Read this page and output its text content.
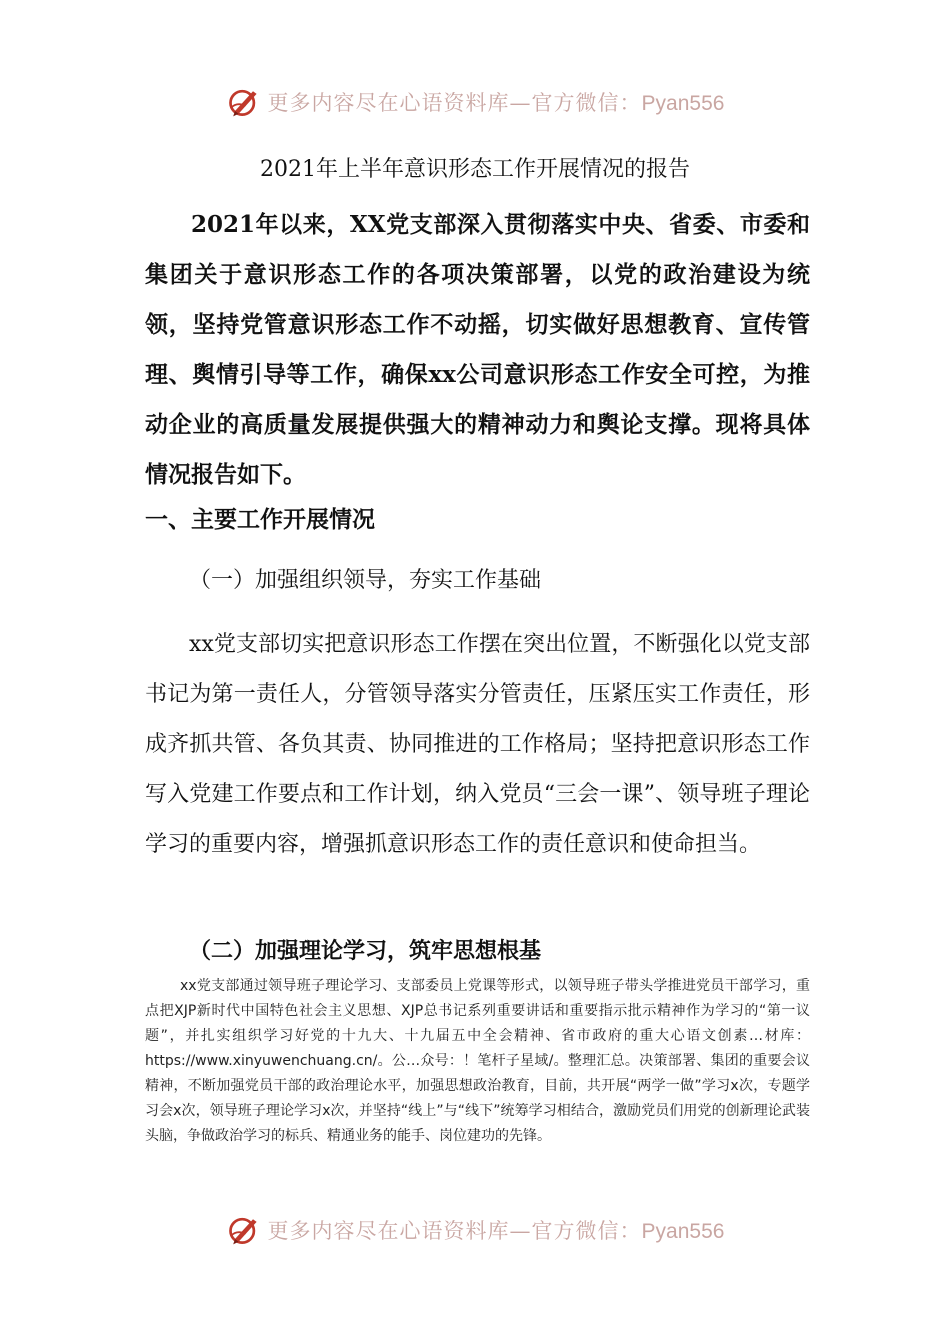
更多内容尽在心语资料库—官方微信：Pyan556
2021年上半年意识形态工作开展情况的报告

2021年以来，XX党支部深入贯彻落实中央、省委、市委和集团关于意识形态工作的各项决策部署，以党的政治建设为统领，坚持党管意识形态工作不动摇，切实做好思想教育、宣传管理、舆情引导等工作，确保xx公司意识形态工作安全可控，为推动企业的高质量发展提供强大的精神动力和舆论支撑。现将具体情况报告如下。

一、主要工作开展情况
（一）加强组织领导，夯实工作基础

xx党支部切实把意识形态工作摆在突出位置，不断强化以党支部书记为第一责任人，分管领导落实分管责任，压紧压实工作责任，形成齐抓共管、各负其责、协同推进的工作格局；坚持把意识形态工作写入党建工作要点和工作计划，纳入党员“三会一课”、领导班子理论学习的重要内容，增强抓意识形态工作的责任意识和使命担当。

（二）加强理论学习，筑牢思想根基

xx党支部通过领导班子理论学习、支部委员上党课等形式，以领导班子带头学推进党员干部学习，重点把XJP新时代中国特色社会主义思想、XJP总书记系列重要讲话和重要指示批示精神作为学习的“第一议题”，并扎实组织学习好党的十九大、十九届五中全会精神、省市政府的重大心语文创素…材库：https://www.xinyuwenchuang.cn/。公…众号：！笔杆子星域/。整理汇总。决策部署、集团的重要会议精神，不断加强党员干部的政治理论水平，加强思想政治教育，目前，共开展“两学一做”学习x次，专题学习会x次，领导班子理论学习x次，并坚持“线上”与“线下”统筹学习相结合，激励党员们用党的创新理论武装头脑，争做政治学习的标兵、精通业务的能手、岗位建功的先锋。

更多内容尽在心语资料库—官方微信：Pyan556
